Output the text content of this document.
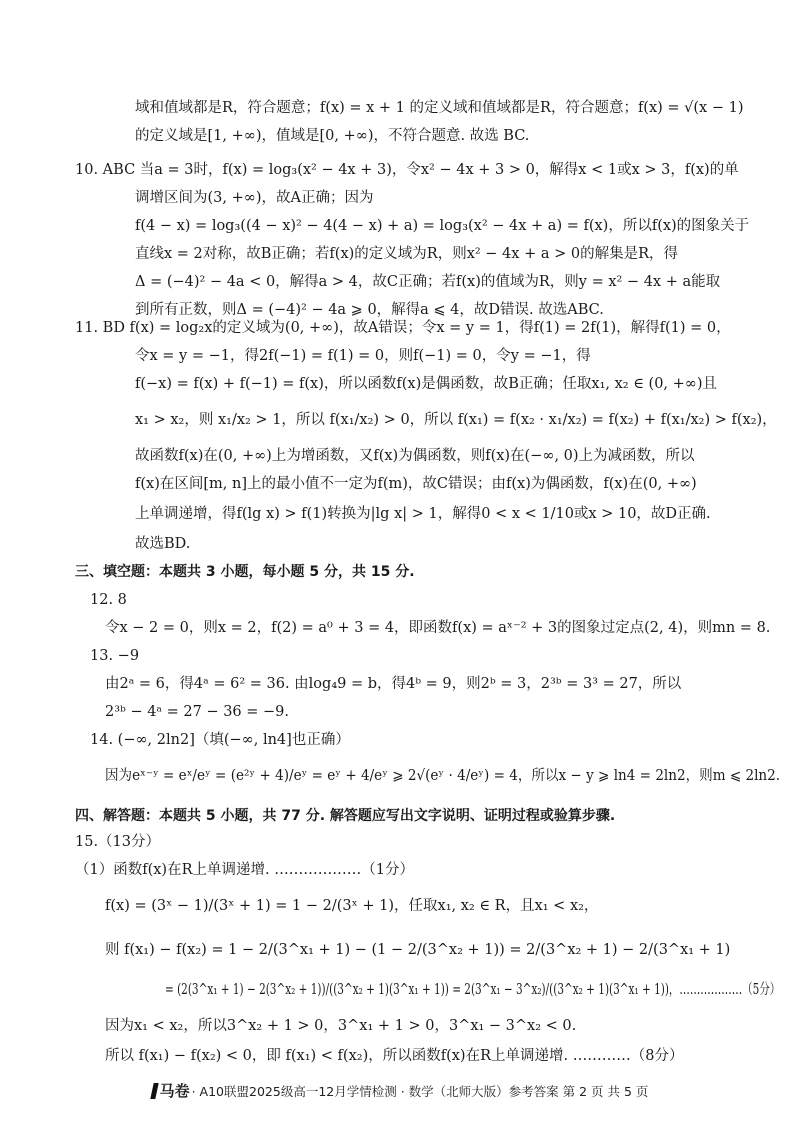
域和值域都是R，符合题意；f(x) = x + 1 的定义域和值域都是R，符合题意；f(x) = √(x − 1)
的定义域是[1, +∞)，值域是[0, +∞)，不符合题意. 故选 BC.
10. ABC 当a = 3时，f(x) = log₃(x² − 4x + 3)，令x² − 4x + 3 > 0，解得x < 1或x > 3，f(x)的单
调增区间为(3, +∞)，故A正确；因为
f(4 − x) = log₃((4 − x)² − 4(4 − x) + a) = log₃(x² − 4x + a) = f(x)，所以f(x)的图象关于
直线x = 2对称，故B正确；若f(x)的定义域为R，则x² − 4x + a > 0的解集是R，得
Δ = (−4)² − 4a < 0，解得a > 4，故C正确；若f(x)的值域为R，则y = x² − 4x + a能取
到所有正数，则Δ = (−4)² − 4a ⩾ 0，解得a ⩽ 4，故D错误. 故选ABC.
11. BD f(x) = log₂x的定义域为(0, +∞)，故A错误；令x = y = 1，得f(1) = 2f(1)，解得f(1) = 0，
令x = y = −1，得2f(−1) = f(1) = 0，则f(−1) = 0，令y = −1，得
f(−x) = f(x) + f(−1) = f(x)，所以函数f(x)是偶函数，故B正确；任取x₁, x₂ ∈ (0, +∞)且
x₁ > x₂，则 x₁/x₂ > 1，所以 f(x₁/x₂) > 0，所以 f(x₁) = f(x₂ · x₁/x₂) = f(x₂) + f(x₁/x₂) > f(x₂)，
故函数f(x)在(0, +∞)上为增函数，又f(x)为偶函数，则f(x)在(−∞, 0)上为减函数，所以
f(x)在区间[m, n]上的最小值不一定为f(m)，故C错误；由f(x)为偶函数，f(x)在(0, +∞)
上单调递增，得f(lg x) > f(1)转换为|lg x| > 1，解得0 < x < 1/10或x > 10，故D正确.
故选BD.
三、填空题：本题共 3 小题，每小题 5 分，共 15 分.
12. 8
令x − 2 = 0，则x = 2，f(2) = a⁰ + 3 = 4，即函数f(x) = aˣ⁻² + 3的图象过定点(2, 4)，则mn = 8.
13. −9
由2ᵃ = 6，得4ᵃ = 6² = 36. 由log₄9 = b，得4ᵇ = 9，则2ᵇ = 3，2³ᵇ = 3³ = 27，所以
2³ᵇ − 4ᵃ = 27 − 36 = −9.
14. (−∞, 2ln2]（填(−∞, ln4]也正确）
因为eˣ⁻ʸ = eˣ/eʸ = (e²ʸ + 4)/eʸ = eʸ + 4/eʸ ⩾ 2√(eʸ · 4/eʸ) = 4，所以x − y ⩾ ln4 = 2ln2，则m ⩽ 2ln2.
四、解答题：本题共 5 小题，共 77 分. 解答题应写出文字说明、证明过程或验算步骤.
15.（13分）
（1）函数f(x)在R上单调递增. ………………（1分）
f(x) = (3ˣ − 1)/(3ˣ + 1) = 1 − 2/(3ˣ + 1)，任取x₁, x₂ ∈ R，且x₁ < x₂，
则 f(x₁) − f(x₂) = 1 − 2/(3^x₁ + 1) − (1 − 2/(3^x₂ + 1)) = 2/(3^x₂ + 1) − 2/(3^x₁ + 1)
= (2(3^x₁ + 1) − 2(3^x₂ + 1))/((3^x₂ + 1)(3^x₁ + 1)) = 2(3^x₁ − 3^x₂)/((3^x₂ + 1)(3^x₁ + 1))，………………（5分）
因为x₁ < x₂，所以3^x₂ + 1 > 0，3^x₁ + 1 > 0，3^x₁ − 3^x₂ < 0.
所以 f(x₁) − f(x₂) < 0，即 f(x₁) < f(x₂)，所以函数f(x)在R上单调递增. …………（8分）
马卷 · A10联盟2025级高一12月学情检测 · 数学（北师大版）参考答案 第 2 页 共 5 页
